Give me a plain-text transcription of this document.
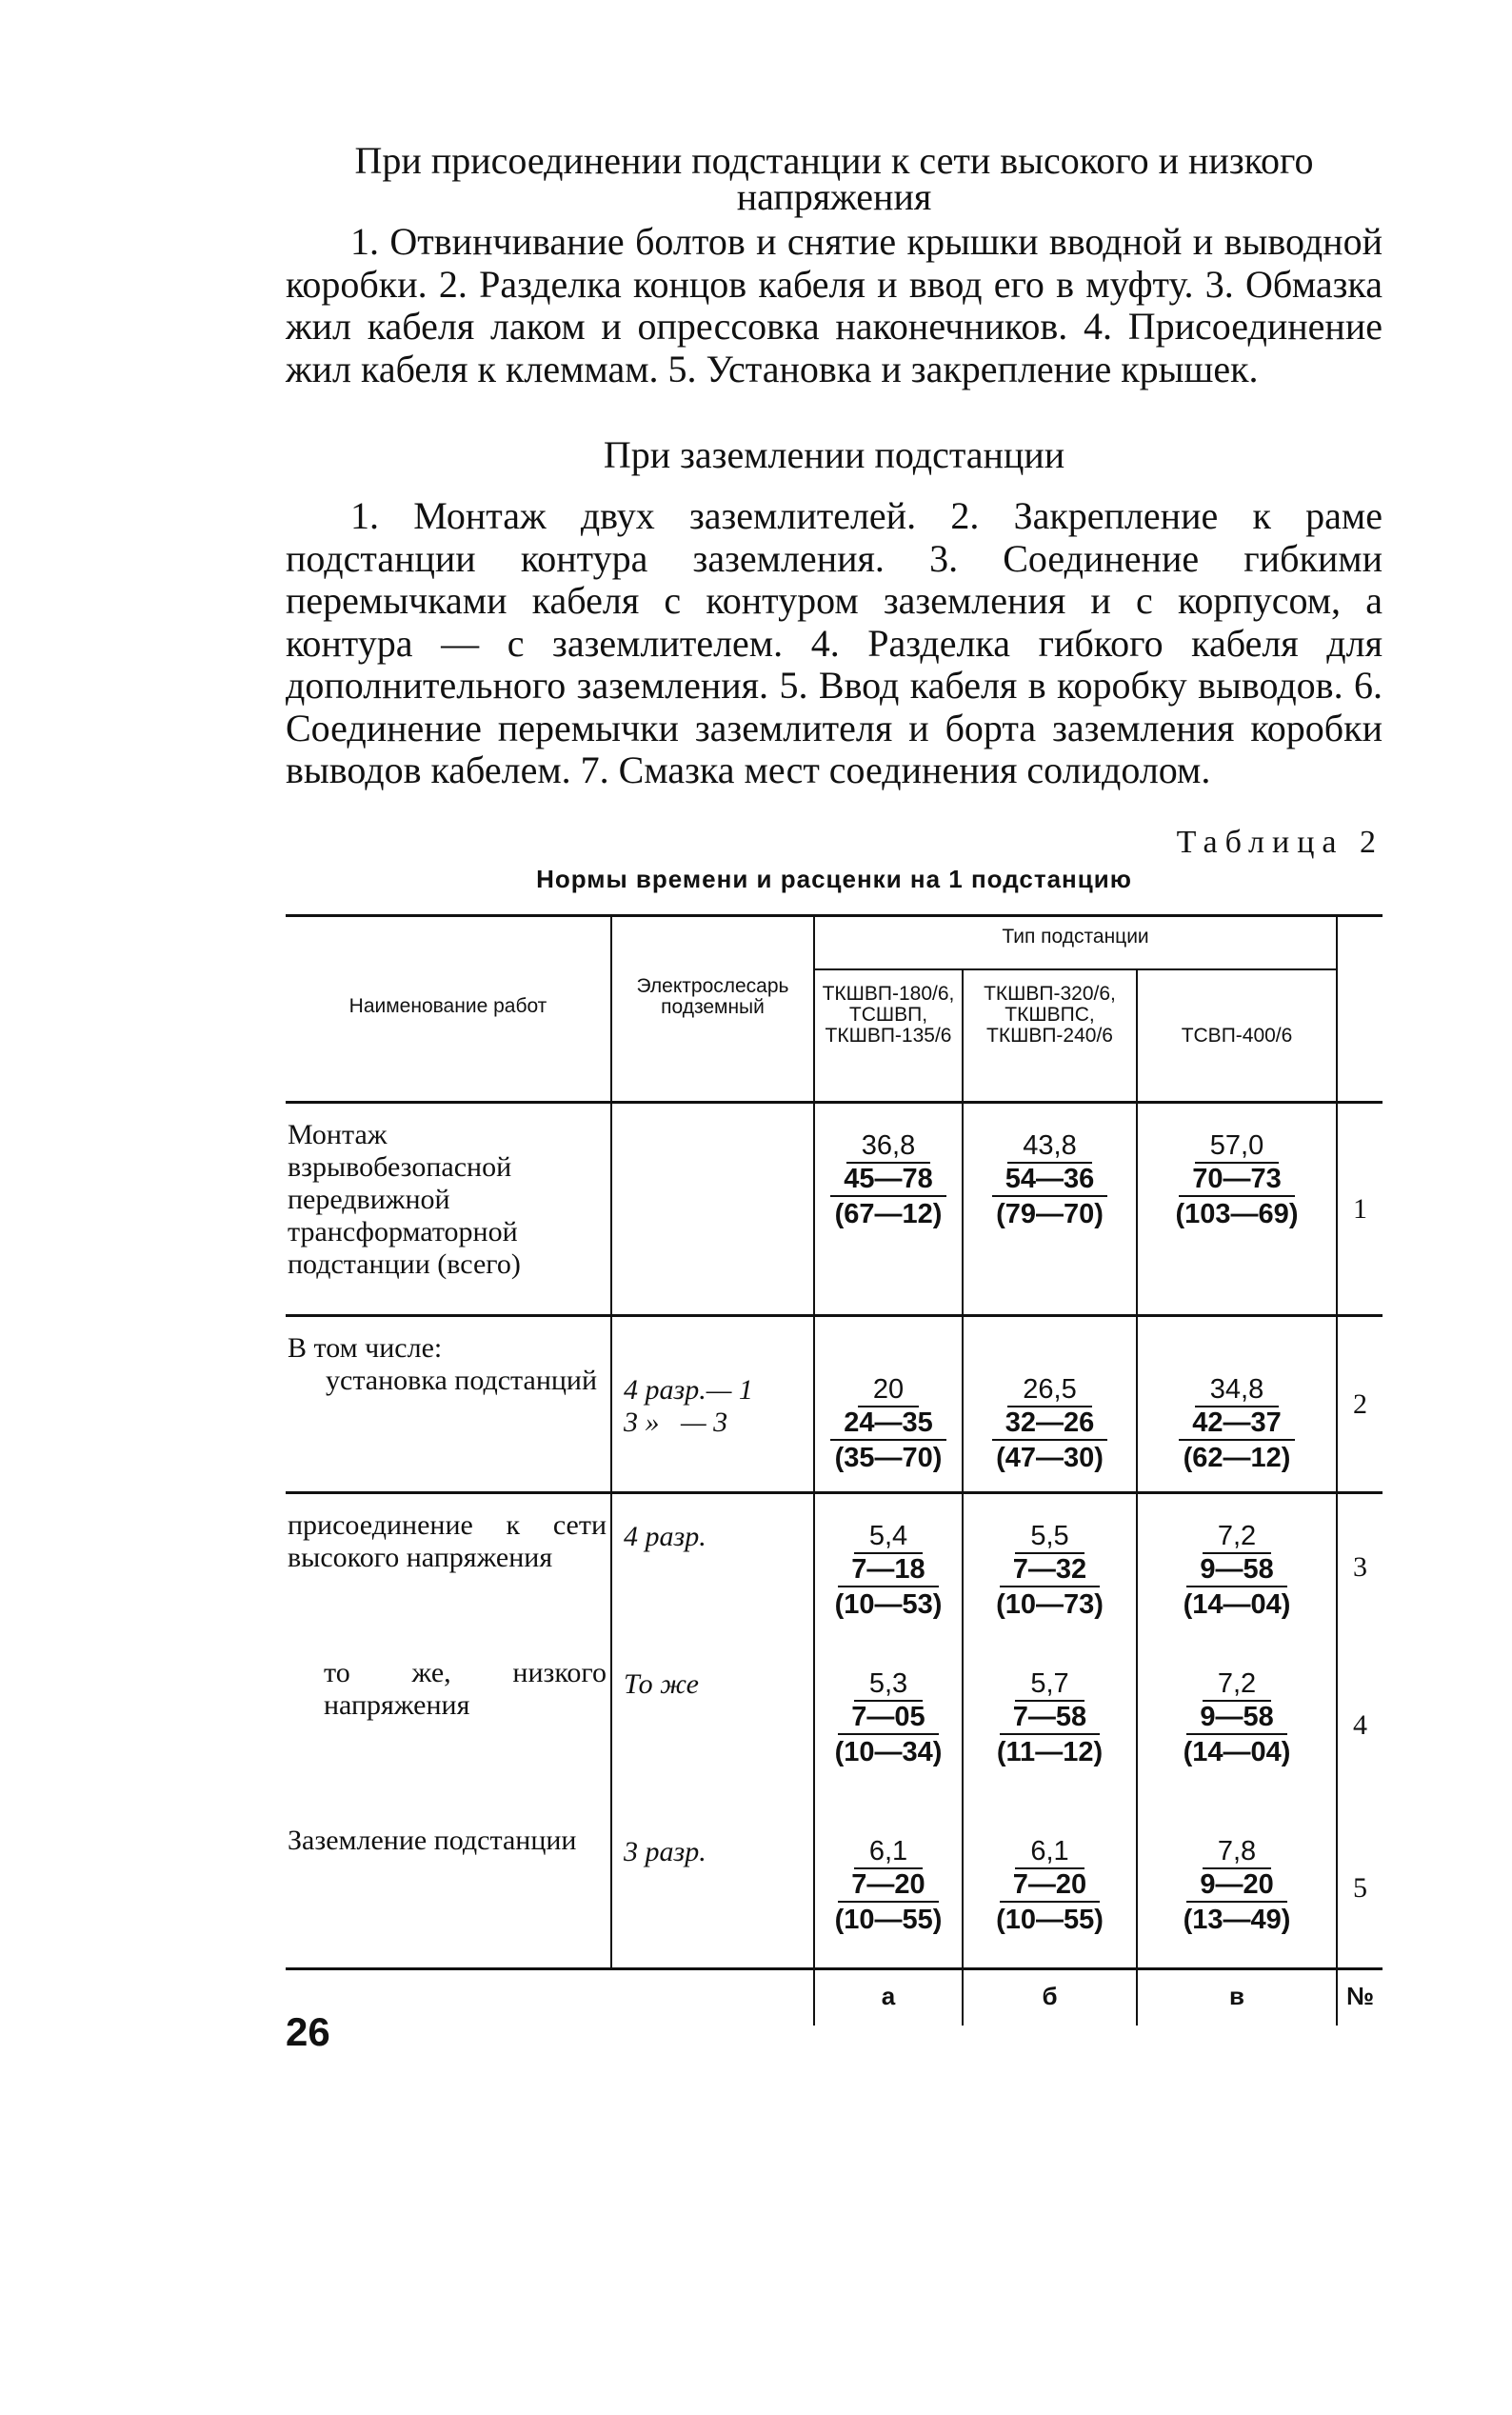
При присоединении подстанции к сети высокого и низкого напряжения
1. Отвинчивание болтов и снятие крышки вводной и выводной коробки. 2. Разделка концов кабеля и ввод его в муфту. 3. Обмазка жил кабеля лаком и опрессовка наконечников. 4. Присоединение жил кабеля к клеммам. 5. Установка и закрепление крышек.
При заземлении подстанции
1. Монтаж двух заземлителей. 2. Закрепление к раме подстанции контура заземления. 3. Соединение гибкими перемычками кабеля с контуром заземления и с корпусом, а контура — с заземлителем. 4. Разделка гибкого кабеля для дополнительного заземления. 5. Ввод кабеля в коробку выводов. 6. Соединение перемычки заземлителя и борта заземления коробки выводов кабелем. 7. Смазка мест соединения солидолом.
Таблица 2
Нормы времени и расценки на 1 подстанцию
Наименование работ	Электрослесарь подземный	Тип подстанции			
		ТКШВП-180/6, ТСШВП, ТКШВП-135/6	ТКШВП-320/6, ТКШВПС, ТКШВП-240/6	ТСВП-400/6	
Монтаж взрывобезопасной передвижной трансформаторной подстанции (всего)		36,8
45—78
(67—12)	43,8
54—36
(79—70)	57,0
70—73
(103—69)	1
В том числе:
установка подстанций	4 разр.— 1
3 »   — 3	20
24—35
(35—70)	26,5
32—26
(47—30)	34,8
42—37
(62—12)	2
присоединение к сети высокого напряжения	4 разр.	5,4
7—18
(10—53)	5,5
7—32
(10—73)	7,2
9—58
(14—04)	3
то же, низкого напряжения	То же	5,3
7—05
(10—34)	5,7
7—58
(11—12)	7,2
9—58
(14—04)	4
Заземление подстанции	3 разр.	6,1
7—20
(10—55)	6,1
7—20
(10—55)	7,8
9—20
(13—49)	5
		а	б	в	№
26
